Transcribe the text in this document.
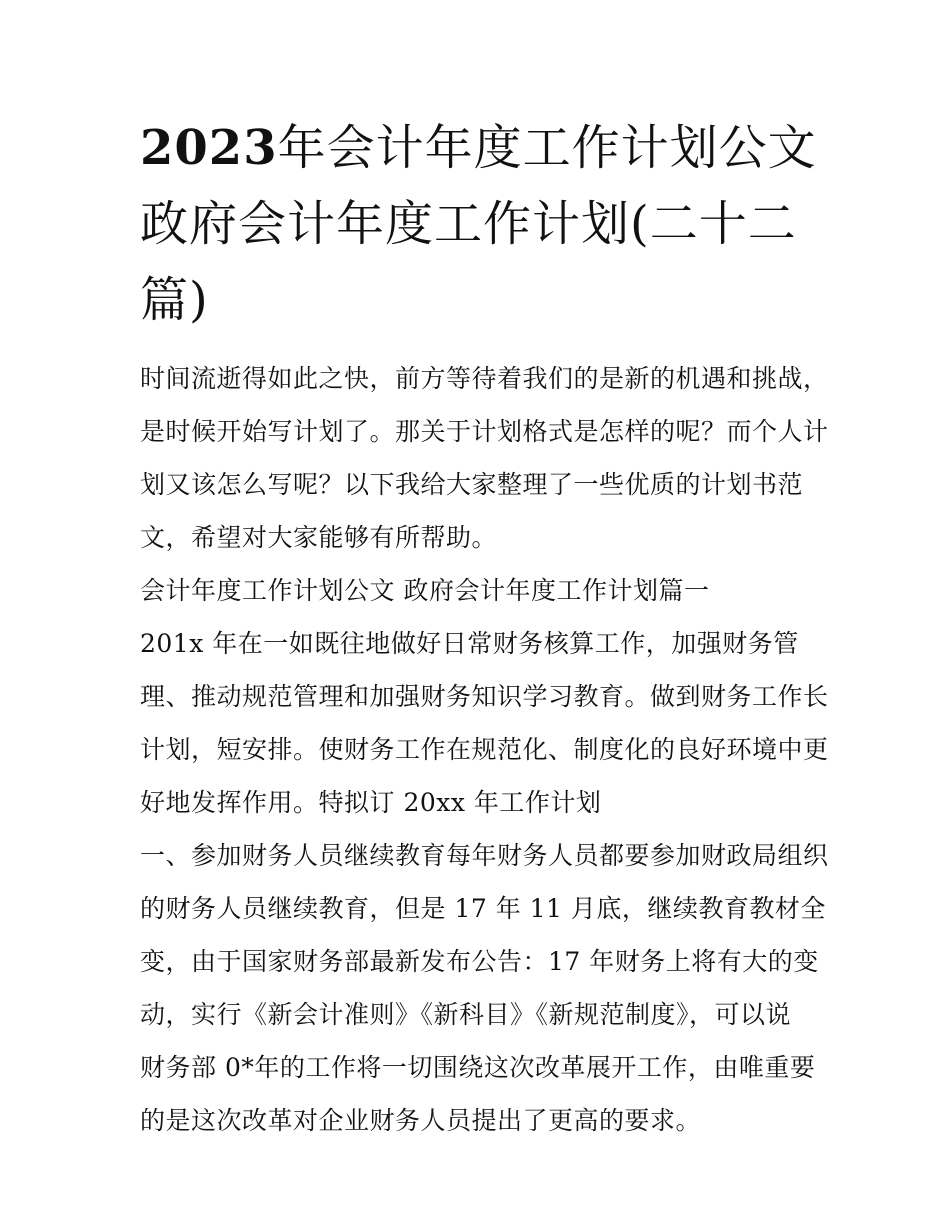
2023年会计年度工作计划公文
政府会计年度工作计划(二十二
篇)

时间流逝得如此之快，前方等待着我们的是新的机遇和挑战，
是时候开始写计划了。那关于计划格式是怎样的呢？而个人计
划又该怎么写呢？以下我给大家整理了一些优质的计划书范
文，希望对大家能够有所帮助。

会计年度工作计划公文 政府会计年度工作计划篇一

201x 年在一如既往地做好日常财务核算工作，加强财务管
理、推动规范管理和加强财务知识学习教育。做到财务工作长
计划，短安排。使财务工作在规范化、制度化的良好环境中更
好地发挥作用。特拟订 20xx 年工作计划

一、参加财务人员继续教育每年财务人员都要参加财政局组织
的财务人员继续教育，但是 17 年 11 月底，继续教育教材全
变，由于国家财务部最新发布公告：17 年财务上将有大的变
动，实行《新会计准则》《新科目》《新规范制度》，可以说
财务部 0*年的工作将一切围绕这次改革展开工作，由唯重要
的是这次改革对企业财务人员提出了更高的要求。
